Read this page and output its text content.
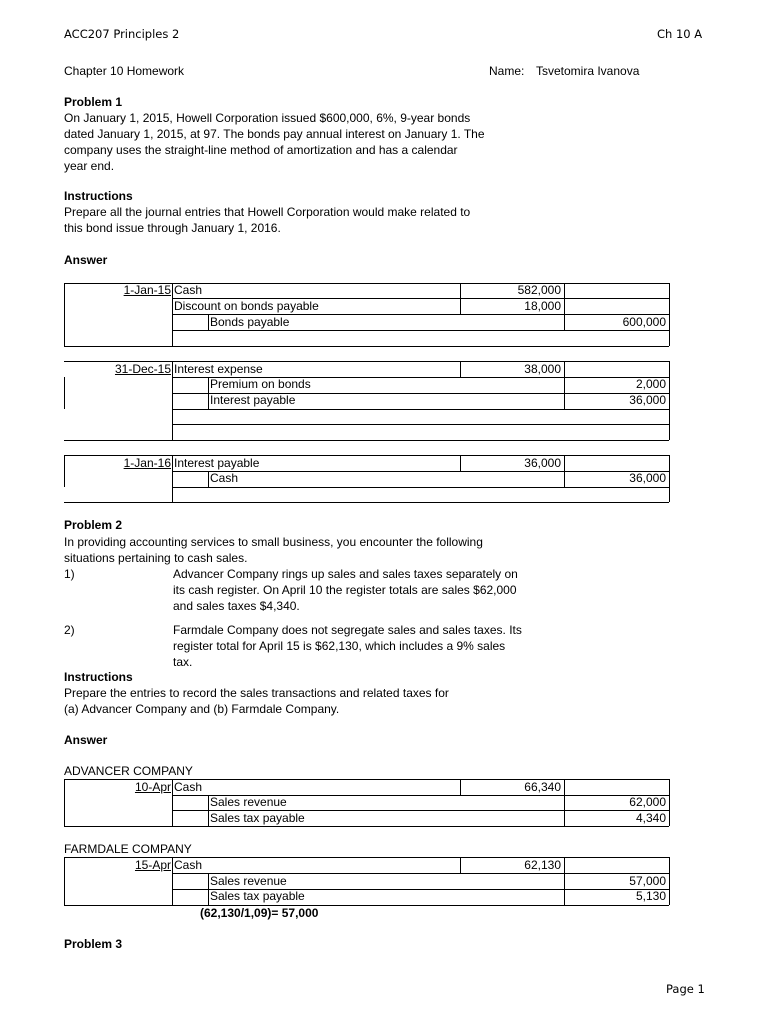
ACC207 Principles 2	Ch 10 A
Chapter 10 Homework	Name: Tsvetomira Ivanova
Problem 1
On January 1, 2015, Howell Corporation issued $600,000, 6%, 9-year bonds
dated January 1, 2015, at 97. The bonds pay annual interest on January 1. The
company uses the straight-line method of amortization and has a calendar
year end.
Instructions
Prepare all the journal entries that Howell Corporation would make related to
this bond issue through January 1, 2016.
Answer
1-Jan-15 Cash	582,000
Discount on bonds payable	18,000
Bonds payable	600,000
31-Dec-15 Interest expense	38,000
Premium on bonds	2,000
Interest payable	36,000
1-Jan-16 Interest payable	36,000
Cash	36,000
Problem 2
In providing accounting services to small business, you encounter the following
situations pertaining to cash sales.
1)	Advancer Company rings up sales and sales taxes separately on
its cash register. On April 10 the register totals are sales $62,000
and sales taxes $4,340.
2)	Farmdale Company does not segregate sales and sales taxes. Its
register total for April 15 is $62,130, which includes a 9% sales
tax.
Instructions
Prepare the entries to record the sales transactions and related taxes for
(a) Advancer Company and (b) Farmdale Company.
Answer
ADVANCER COMPANY
10-Apr Cash	66,340
Sales revenue	62,000
Sales tax payable	4,340
FARMDALE COMPANY
15-Apr Cash	62,130
Sales revenue	57,000
Sales tax payable	5,130
(62,130/1,09)= 57,000
Problem 3
Page 1
